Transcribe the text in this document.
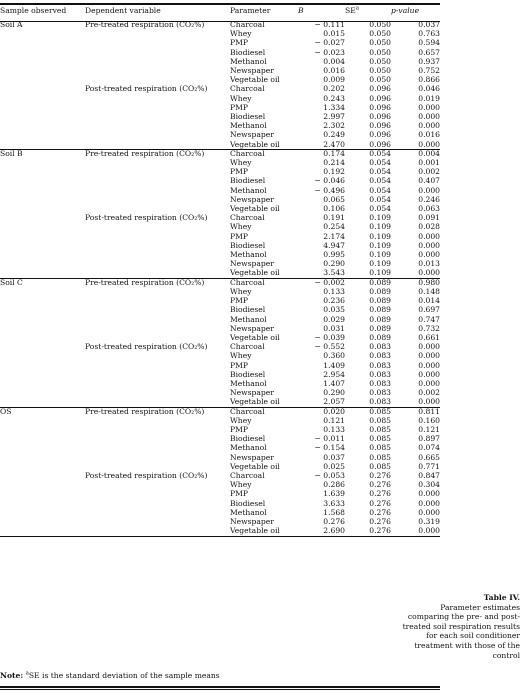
Sample observed	Dependent variable	Parameter	B	$SE^a$	p-value
Soil A	Pre-treated respiration (CO₂%)	Charcoal	− 0.111	0.050	0.037
		Whey	0.015	0.050	0.763
		PMP	− 0.027	0.050	0.594
		Biodiesel	− 0.023	0.050	0.657
		Methanol	0.004	0.050	0.937
		Newspaper	0.016	0.050	0.752
		Vegetable oil	0.009	0.050	0.866
	Post-treated respiration (CO₂%)	Charcoal	0.202	0.096	0.046
		Whey	0.243	0.096	0.019
		PMP	1.334	0.096	0.000
		Biodiesel	2.997	0.096	0.000
		Methanol	2.302	0.096	0.000
		Newspaper	0.249	0.096	0.016
		Vegetable oil	2.470	0.096	0.000
Soil B	Pre-treated respiration (CO₂%)	Charcoal	0.174	0.054	0.004
		Whey	0.214	0.054	0.001
		PMP	0.192	0.054	0.002
		Biodiesel	− 0.046	0.054	0.407
		Methanol	− 0.496	0.054	0.000
		Newspaper	0.065	0.054	0.246
		Vegetable oil	0.106	0.054	0.063
	Post-treated respiration (CO₂%)	Charcoal	0.191	0.109	0.091
		Whey	0.254	0.109	0.028
		PMP	2.174	0.109	0.000
		Biodiesel	4.947	0.109	0.000
		Methanol	0.995	0.109	0.000
		Newspaper	0.290	0.109	0.013
		Vegetable oil	3.543	0.109	0.000
Soil C	Pre-treated respiration (CO₂%)	Charcoal	− 0.002	0.089	0.980
		Whey	0.133	0.089	0.148
		PMP	0.236	0.089	0.014
		Biodiesel	0.035	0.089	0.697
		Methanol	0.029	0.089	0.747
		Newspaper	0.031	0.089	0.732
		Vegetable oil	− 0.039	0.089	0.661
	Post-treated respiration (CO₂%)	Charcoal	− 0.552	0.083	0.000
		Whey	0.360	0.083	0.000
		PMP	1.409	0.083	0.000
		Biodiesel	2.954	0.083	0.000
		Methanol	1.407	0.083	0.000
		Newspaper	0.290	0.083	0.002
		Vegetable oil	2.057	0.083	0.000
OS	Pre-treated respiration (CO₂%)	Charcoal	0.020	0.085	0.811
		Whey	0.121	0.085	0.160
		PMP	0.133	0.085	0.121
		Biodiesel	− 0.011	0.085	0.897
		Methanol	− 0.154	0.085	0.074
		Newspaper	0.037	0.085	0.665
		Vegetable oil	0.025	0.085	0.771
	Post-treated respiration (CO₂%)	Charcoal	− 0.053	0.276	0.847
		Whey	0.286	0.276	0.304
		PMP	1.639	0.276	0.000
		Biodiesel	3.633	0.276	0.000
		Methanol	1.568	0.276	0.000
		Newspaper	0.276	0.276	0.319
		Vegetable oil	2.690	0.276	0.000
Note: $^a$SE is the standard deviation of the sample means
Table IV.
Parameter estimates comparing the pre- and post-treated soil respiration results for each soil conditioner treatment with those of the control
